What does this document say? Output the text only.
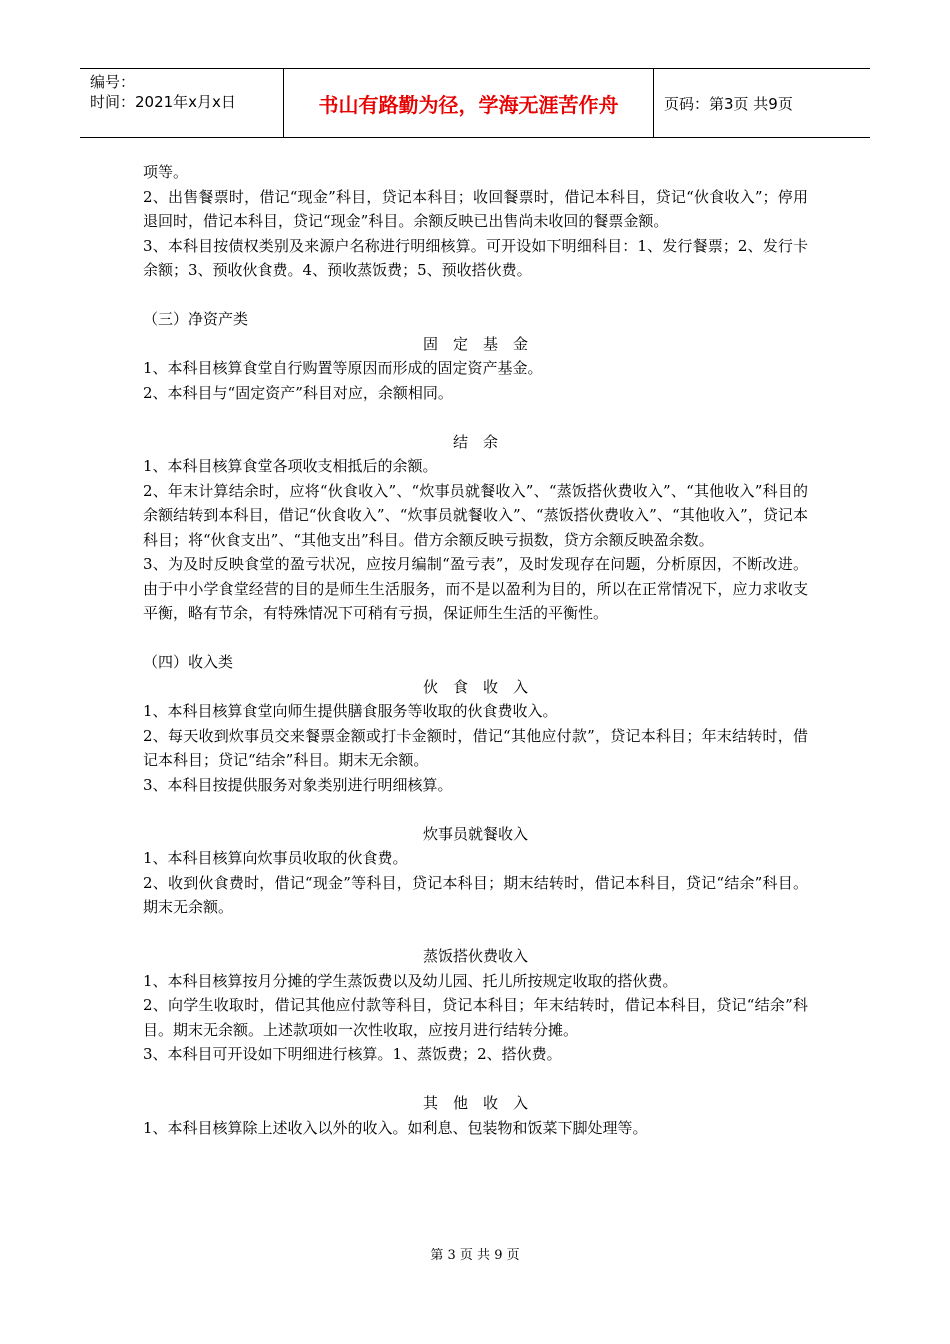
编号：
时间：2021年x月x日	书山有路勤为径，学海无涯苦作舟	页码：第3页 共9页
项等。
2、出售餐票时，借记“现金”科目，贷记本科目；收回餐票时，借记本科目，贷记“伙食收入”；停用退回时，借记本科目，贷记“现金”科目。余额反映已出售尚未收回的餐票金额。
3、本科目按债权类别及来源户名称进行明细核算。可开设如下明细科目：1、发行餐票；2、发行卡余额；3、预收伙食费。4、预收蒸饭费；5、预收搭伙费。
（三）净资产类
固　定　基　金
1、本科目核算食堂自行购置等原因而形成的固定资产基金。
2、本科目与“固定资产”科目对应，余额相同。
结　余
1、本科目核算食堂各项收支相抵后的余额。
2、年末计算结余时，应将“伙食收入”、“炊事员就餐收入”、“蒸饭搭伙费收入”、“其他收入”科目的余额结转到本科目，借记“伙食收入”、“炊事员就餐收入”、“蒸饭搭伙费收入”、“其他收入”，贷记本科目；将“伙食支出”、“其他支出”科目。借方余额反映亏损数，贷方余额反映盈余数。
3、为及时反映食堂的盈亏状况，应按月编制“盈亏表”，及时发现存在问题，分析原因，不断改进。由于中小学食堂经营的目的是师生生活服务，而不是以盈利为目的，所以在正常情况下，应力求收支平衡，略有节余，有特殊情况下可稍有亏损，保证师生生活的平衡性。
（四）收入类
伙　食　收　入
1、本科目核算食堂向师生提供膳食服务等收取的伙食费收入。
2、每天收到炊事员交来餐票金额或打卡金额时，借记“其他应付款”，贷记本科目；年末结转时，借记本科目；贷记“结余”科目。期末无余额。
3、本科目按提供服务对象类别进行明细核算。
炊事员就餐收入
1、本科目核算向炊事员收取的伙食费。
2、收到伙食费时，借记“现金”等科目，贷记本科目；期末结转时，借记本科目，贷记“结余”科目。期末无余额。
蒸饭搭伙费收入
1、本科目核算按月分摊的学生蒸饭费以及幼儿园、托儿所按规定收取的搭伙费。
2、向学生收取时，借记其他应付款等科目，贷记本科目；年末结转时，借记本科目，贷记“结余”科目。期末无余额。上述款项如一次性收取，应按月进行结转分摊。
3、本科目可开设如下明细进行核算。1、蒸饭费；2、搭伙费。
其　他　收　入
1、本科目核算除上述收入以外的收入。如利息、包装物和饭菜下脚处理等。
第 3 页 共 9 页
